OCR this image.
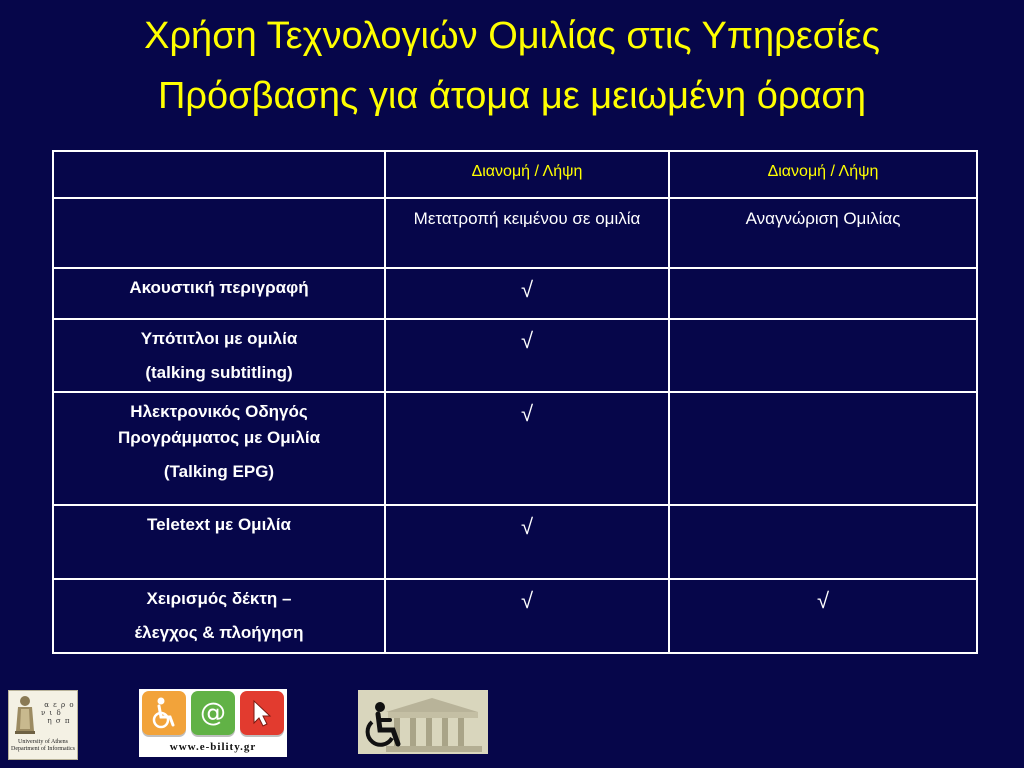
Χρήση Τεχνολογιών Ομιλίας στις Υπηρεσίες
Πρόσβασης για άτομα με μειωμένη όραση
	Διανομή / Λήψη	Διανομή / Λήψη
	Μετατροπή κειμένου σε ομιλία	Αναγνώριση Ομιλίας

Ακουστική περιγραφή	√	

Υπότιτλοι με ομιλία
(talking subtitling)	√	

Ηλεκτρονικός Οδηγός
Προγράμματος με Ομιλία
(Talking EPG)	√	

Teletext με Ομιλία	√	

Χειρισμός δέκτη –
έλεγχος & πλοήγηση	√	√
α ε ρ ο
ν ι δ
η σ π
University of Athens
Department of Informatics
@
www.e-bility.gr
